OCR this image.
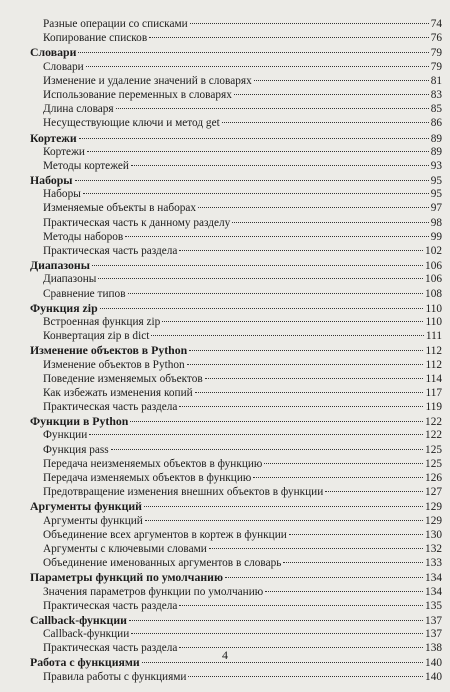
Разные операции со списками	74
Копирование списков	76
Словари	79
Словари	79
Изменение и удаление значений в словарях	81
Использование переменных в словарях	83
Длина словаря	85
Несуществующие ключи и метод get	86
Кортежи	89
Кортежи	89
Методы кортежей	93
Наборы	95
Наборы	95
Изменяемые объекты в наборах	97
Практическая часть к данному разделу	98
Методы наборов	99
Практическая часть раздела	102
Диапазоны	106
Диапазоны	106
Сравнение типов	108
Функция zip	110
Встроенная функция zip	110
Конвертация zip в dict	111
Изменение объектов в Python	112
Изменение объектов в Python	112
Поведение изменяемых объектов	114
Как избежать изменения копий	117
Практическая часть раздела	119
Функции в Python	122
Функции	122
Функция pass	125
Передача неизменяемых объектов в функцию	125
Передача изменяемых объектов в функцию	126
Предотвращение изменения внешних объектов в функции	127
Аргументы функций	129
Аргументы функций	129
Объединение всех аргументов в кортеж в функции	130
Аргументы с ключевыми словами	132
Объединение именованных аргументов в словарь	133
Параметры функций по умолчанию	134
Значения параметров функции по умолчанию	134
Практическая часть раздела	135
Callback-функции	137
Callback-функции	137
Практическая часть раздела	138
Работа с функциями	140
Правила работы с функциями	140
4
